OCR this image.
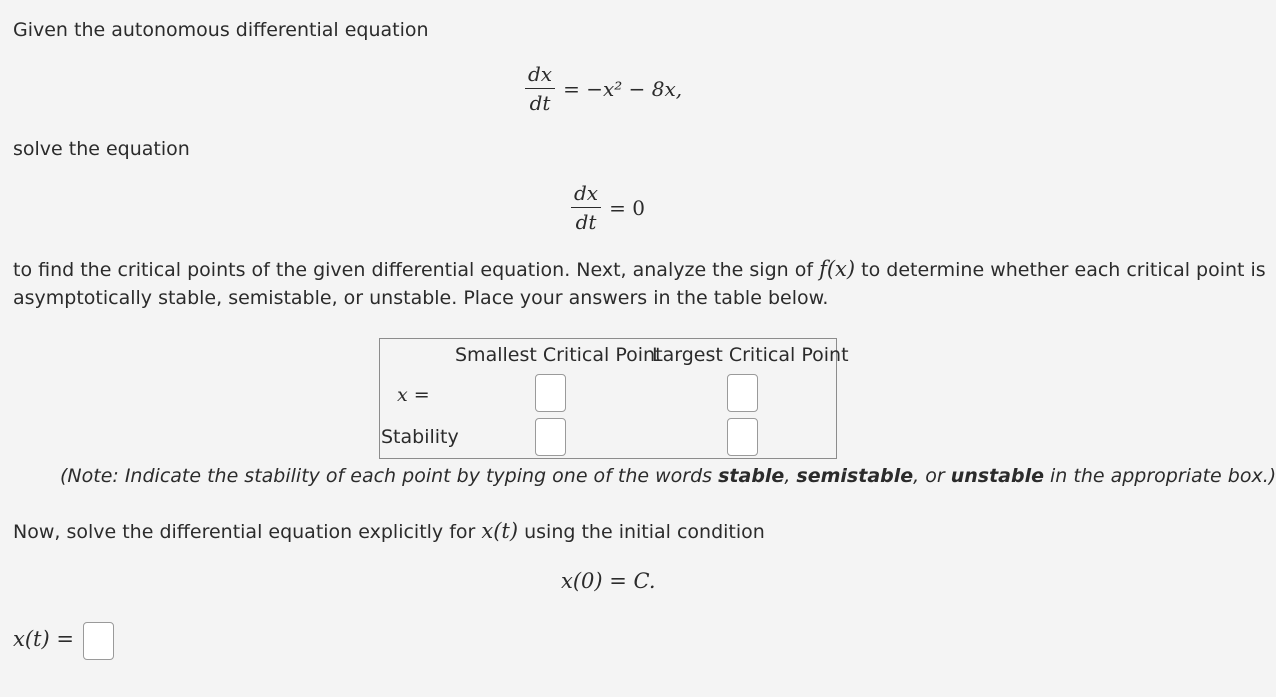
Given the autonomous differential equation
$\frac{dx}{dt} = -x^2 - 8x$,
solve the equation
$\frac{dx}{dt} = 0$
to find the critical points of the given differential equation. Next, analyze the sign of f(x) to determine whether each critical point is
asymptotically stable, semistable, or unstable. Place your answers in the table below.
Smallest Critical Point
Largest Critical Point
x =
Stability
(Note: Indicate the stability of each point by typing one of the words stable, semistable, or unstable in the appropriate box.)
Now, solve the differential equation explicitly for x(t) using the initial condition
x(0) = C.
x(t) =
